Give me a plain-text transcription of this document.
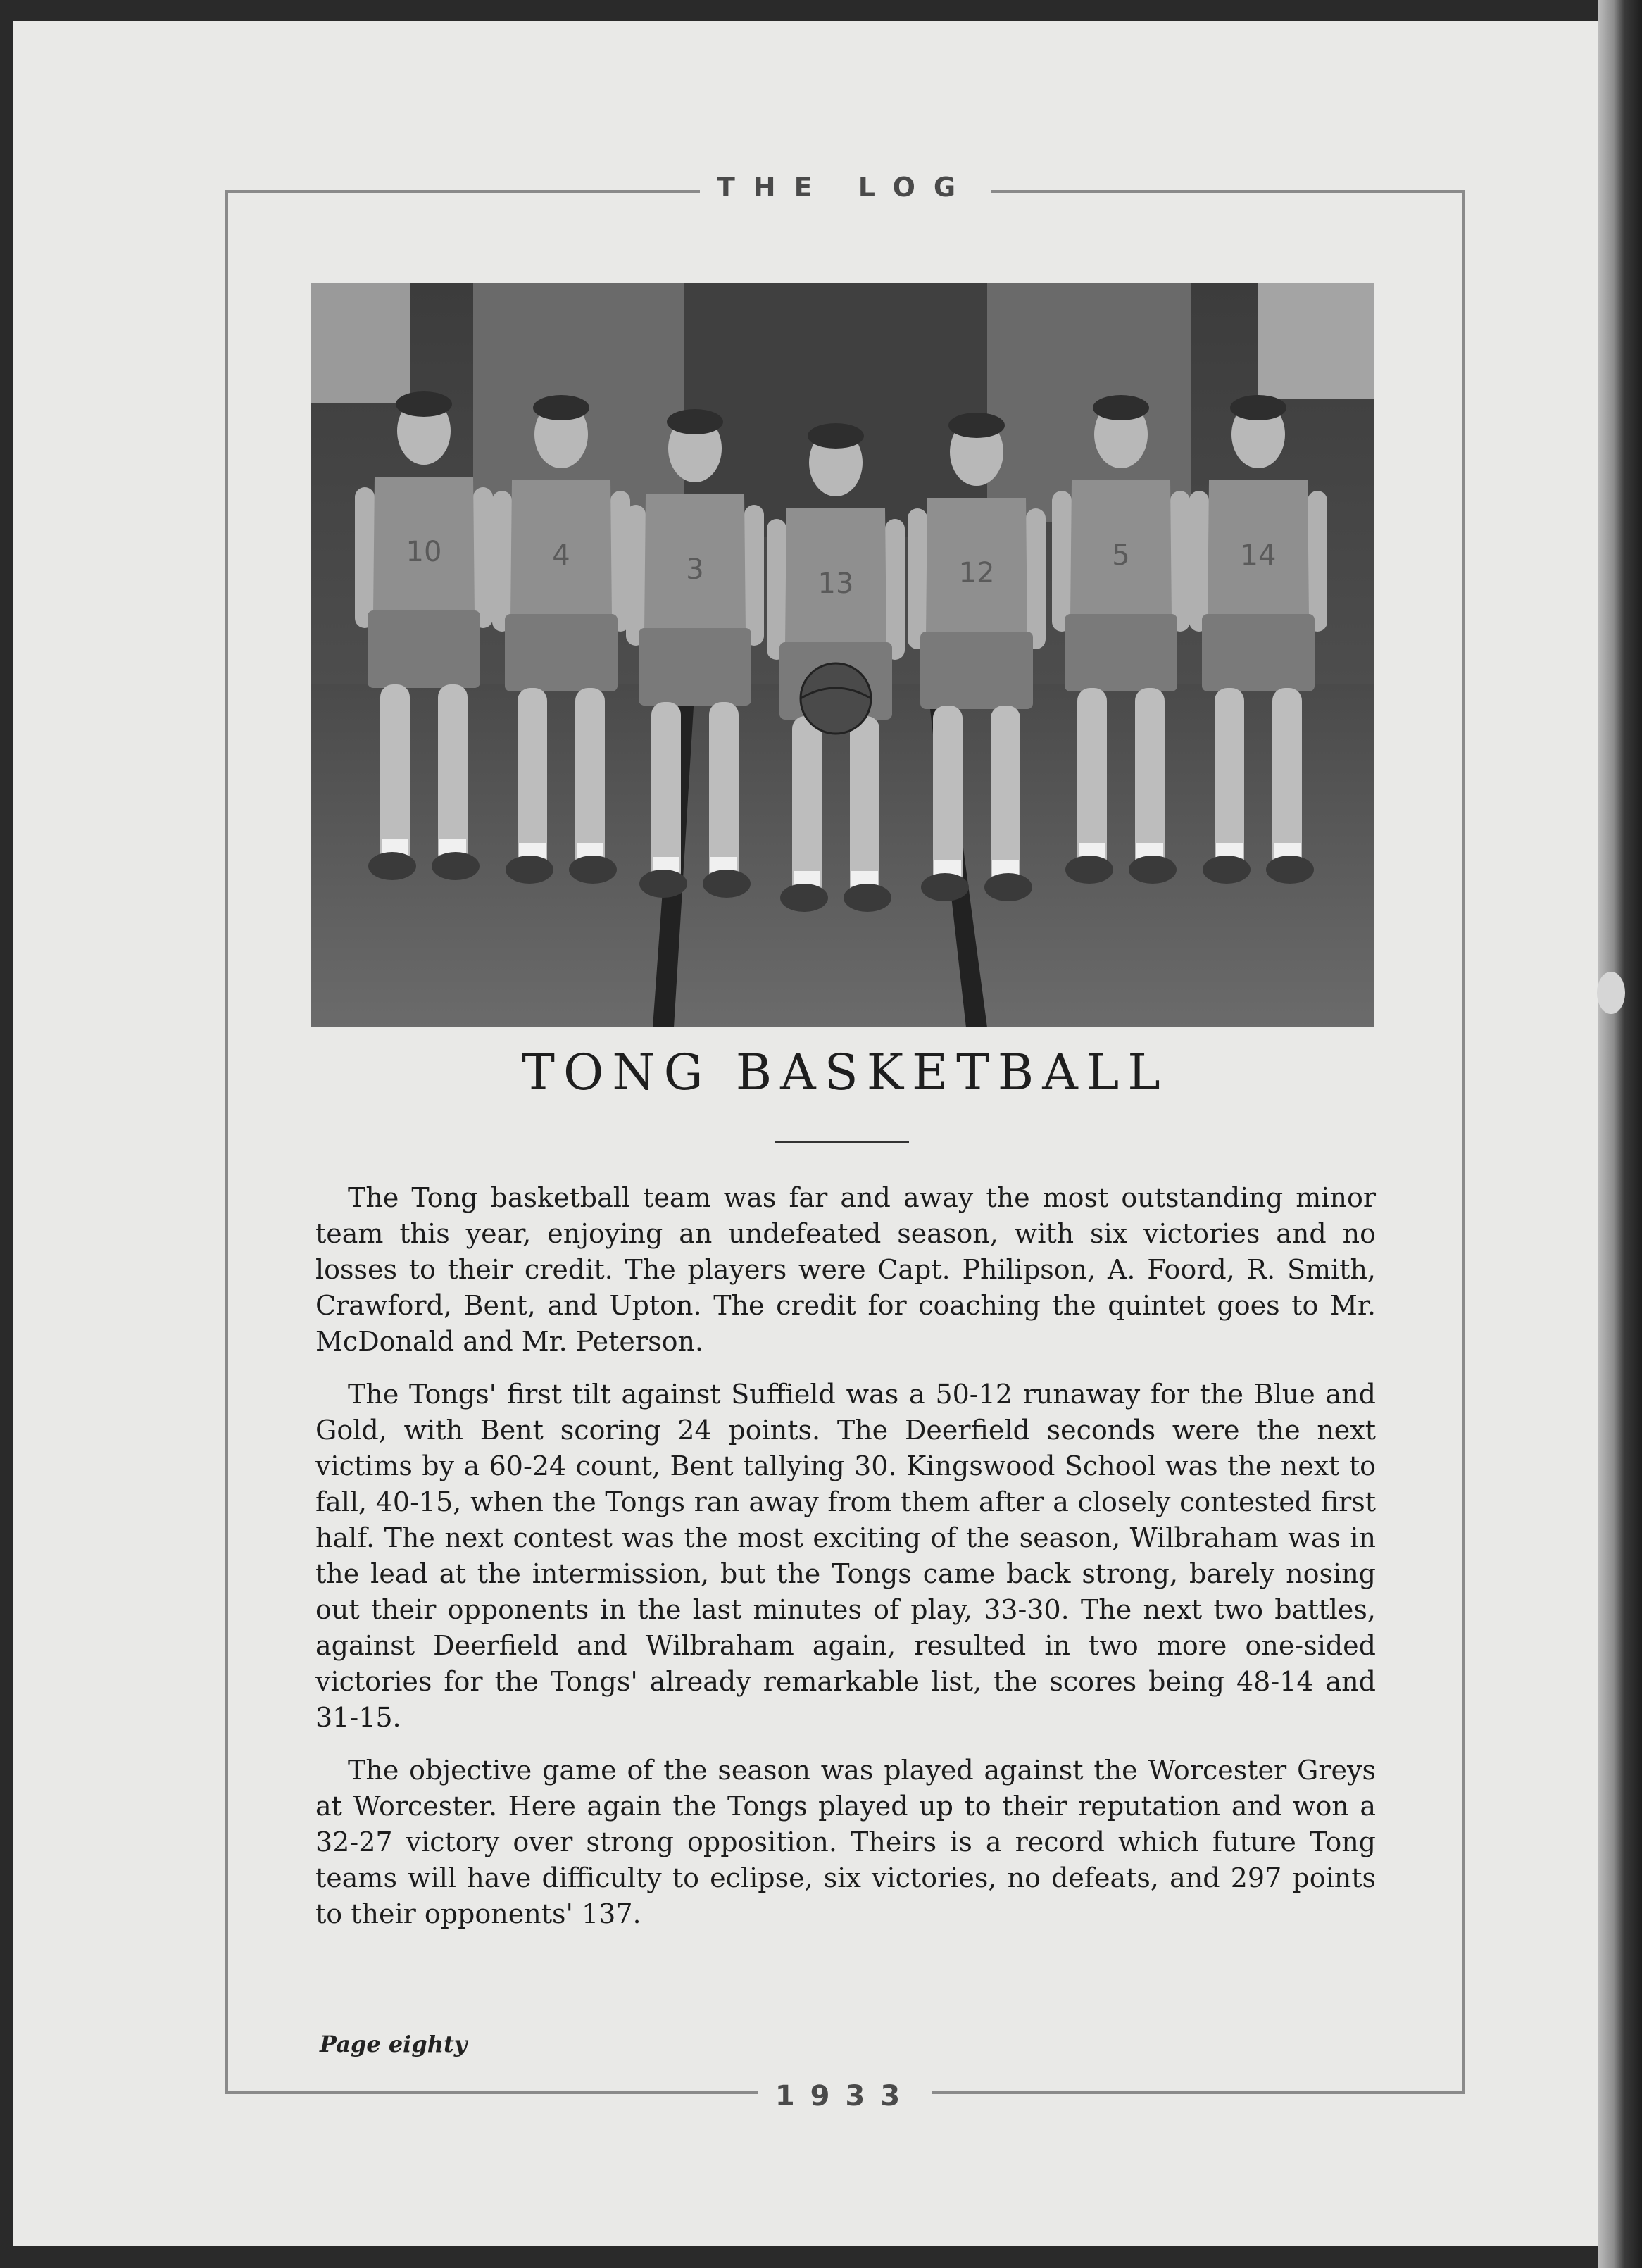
THE LOG
10	4	3	13	12
5	14
TONG BASKETBALL

The Tong basketball team was far and away the most outstanding minor team this year, enjoying an undefeated season, with six victories and no losses to their credit. The players were Capt. Philipson, A. Foord, R. Smith, Crawford, Bent, and Upton. The credit for coaching the quintet goes to Mr. McDonald and Mr. Peterson.

The Tongs' first tilt against Suffield was a 50-12 runaway for the Blue and Gold, with Bent scoring 24 points. The Deerfield seconds were the next victims by a 60-24 count, Bent tallying 30. Kingswood School was the next to fall, 40-15, when the Tongs ran away from them after a closely contested first half. The next contest was the most exciting of the season, Wilbraham was in the lead at the intermission, but the Tongs came back strong, barely nosing out their opponents in the last minutes of play, 33-30. The next two battles, against Deerfield and Wilbraham again, resulted in two more one-sided victories for the Tongs' already remarkable list, the scores being 48-14 and 31-15.

The objective game of the season was played against the Worcester Greys at Worcester. Here again the Tongs played up to their reputation and won a 32-27 victory over strong opposition. Theirs is a record which future Tong teams will have difficulty to eclipse, six victories, no defeats, and 297 points to their opponents' 137.

Page eighty
1933
